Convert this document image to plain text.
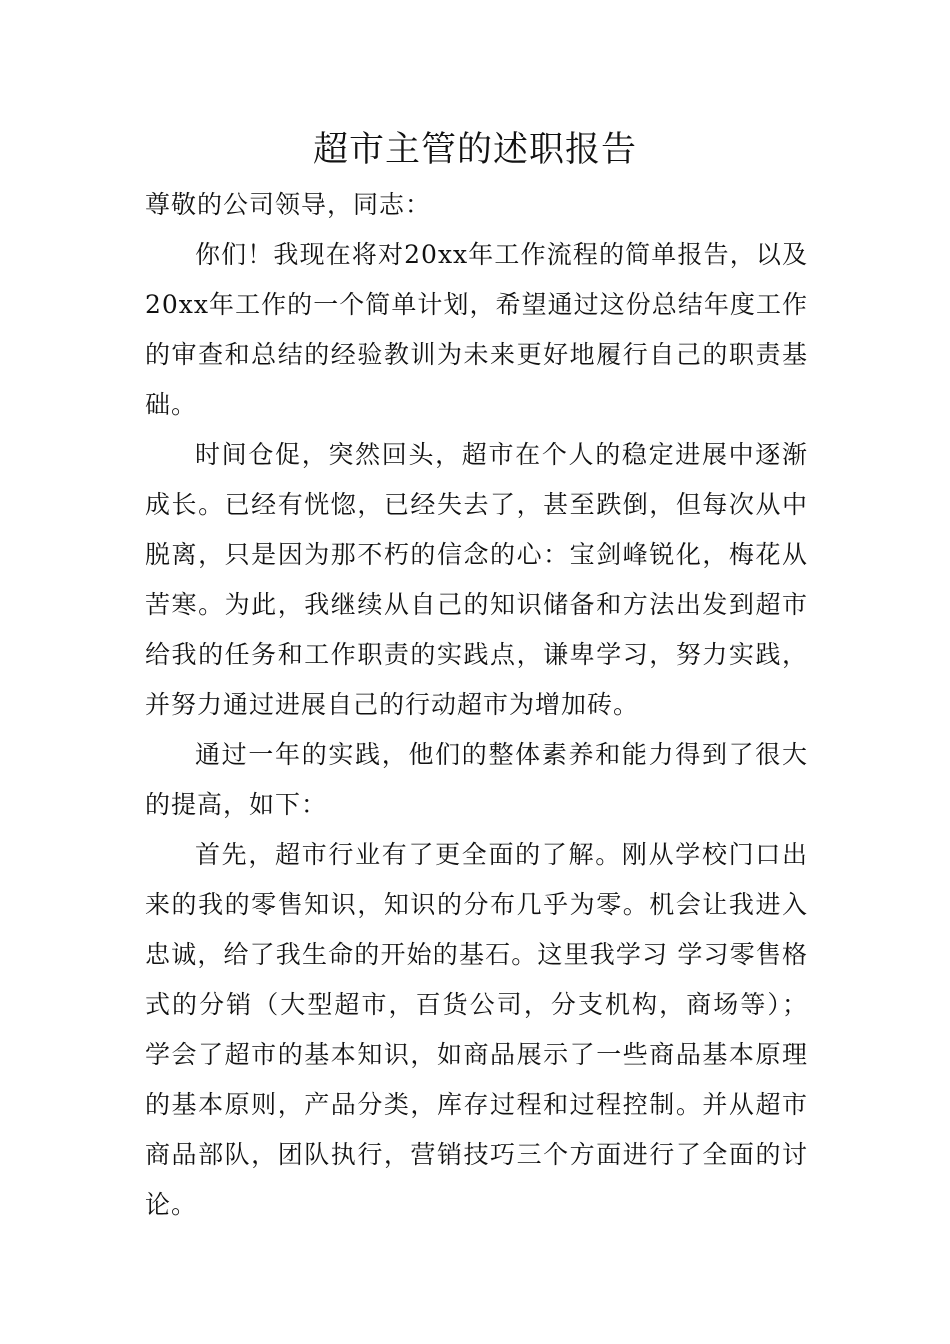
超市主管的述职报告

尊敬的公司领导，同志：

你们！我现在将对20xx年工作流程的简单报告，以及20xx年工作的一个简单计划，希望通过这份总结年度工作的审查和总结的经验教训为未来更好地履行自己的职责基础。

时间仓促，突然回头，超市在个人的稳定进展中逐渐成长。已经有恍惚，已经失去了，甚至跌倒，但每次从中脱离，只是因为那不朽的信念的心：宝剑峰锐化，梅花从苦寒。为此，我继续从自己的知识储备和方法出发到超市给我的任务和工作职责的实践点，谦卑学习，努力实践，并努力通过进展自己的行动超市为增加砖。

通过一年的实践，他们的整体素养和能力得到了很大的提高，如下：

首先，超市行业有了更全面的了解。刚从学校门口出来的我的零售知识，知识的分布几乎为零。机会让我进入忠诚，给了我生命的开始的基石。这里我学习 学习零售格式的分销（大型超市，百货公司，分支机构，商场等）；学会了超市的基本知识，如商品展示了一些商品基本原理的基本原则，产品分类，库存过程和过程控制。并从超市商品部队，团队执行，营销技巧三个方面进行了全面的讨论。
